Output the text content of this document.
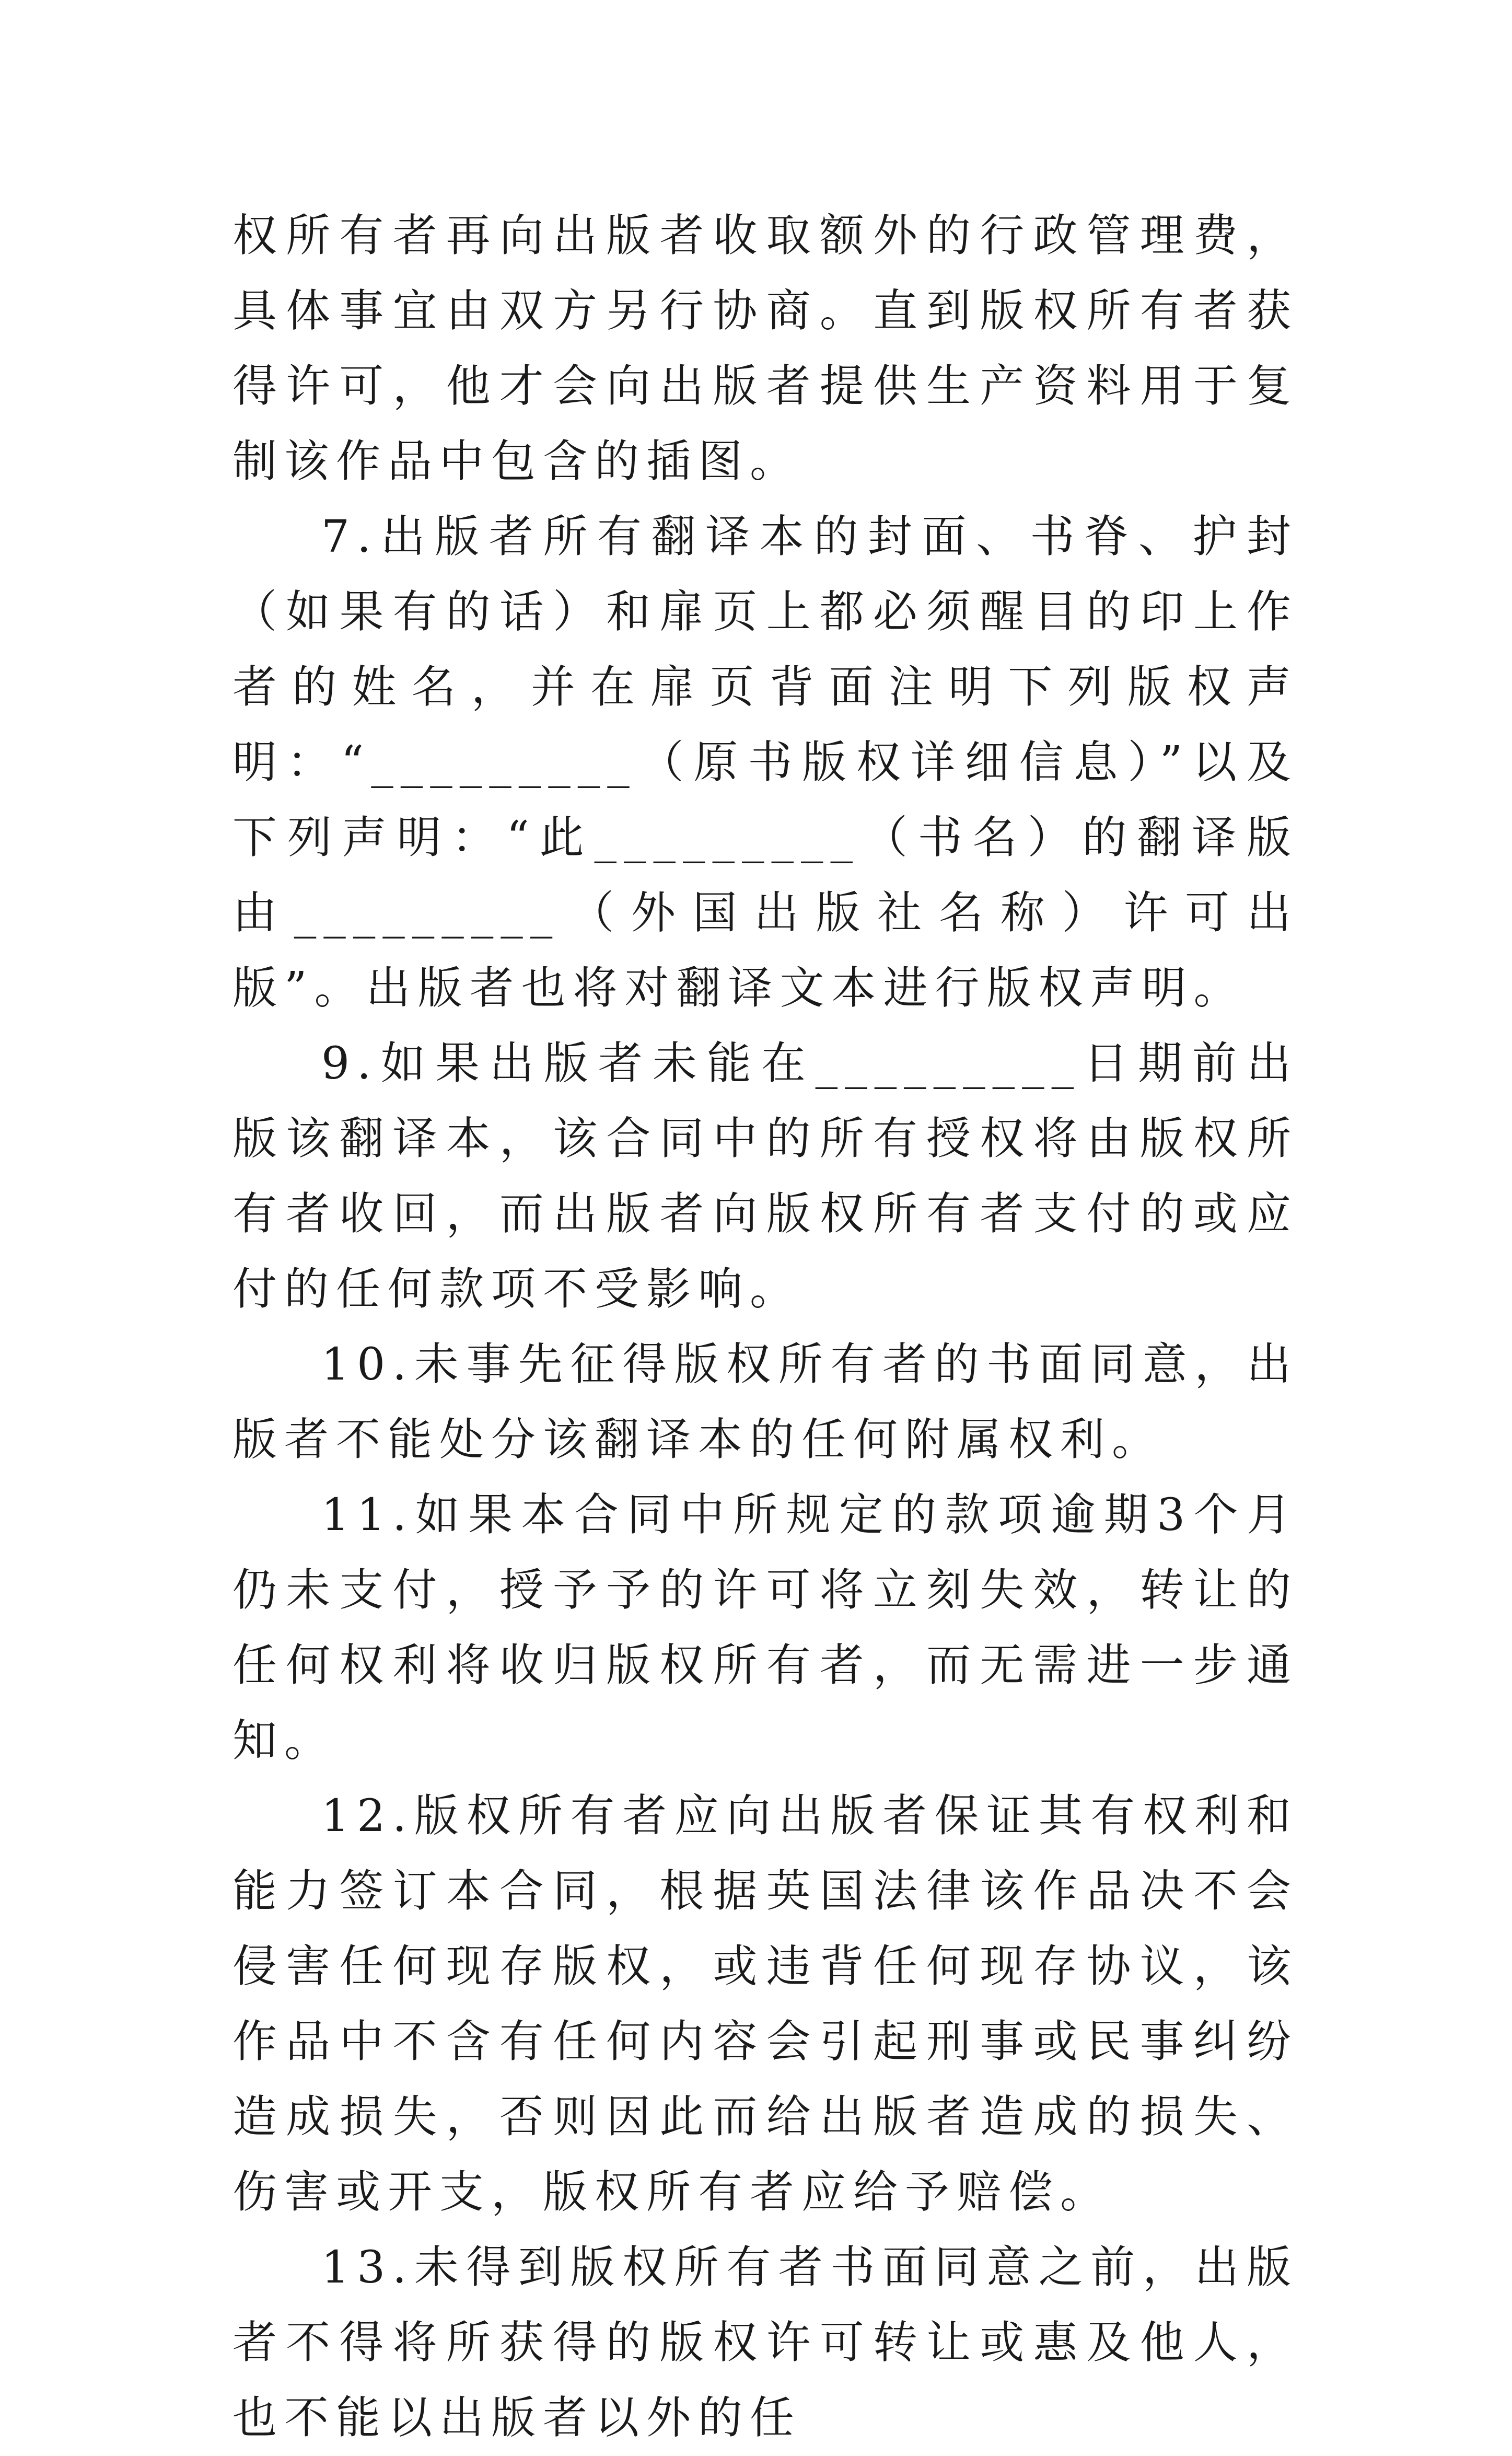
权所有者再向出版者收取额外的行政管理费，具体事宜由双方另行协商。直到版权所有者获得许可，他才会向出版者提供生产资料用于复制该作品中包含的插图。

7.出版者所有翻译本的封面、书脊、护封（如果有的话）和扉页上都必须醒目的印上作者的姓名，并在扉页背面注明下列版权声明：“_________（原书版权详细信息）”以及下列声明：“此_________（书名）的翻译版由_________（外国出版社名称）许可出版”。出版者也将对翻译文本进行版权声明。

9.如果出版者未能在_________日期前出版该翻译本，该合同中的所有授权将由版权所有者收回，而出版者向版权所有者支付的或应付的任何款项不受影响。

10.未事先征得版权所有者的书面同意，出版者不能处分该翻译本的任何附属权利。

11.如果本合同中所规定的款项逾期3个月仍未支付，授予予的许可将立刻失效，转让的任何权利将收归版权所有者，而无需进一步通知。

12.版权所有者应向出版者保证其有权利和能力签订本合同，根据英国法律该作品决不会侵害任何现存版权，或违背任何现存协议，该作品中不含有任何内容会引起刑事或民事纠纷造成损失，否则因此而给出版者造成的损失、伤害或开支，版权所有者应给予赔偿。

13.未得到版权所有者书面同意之前，出版者不得将所获得的版权许可转让或惠及他人，也不能以出版者以外的任
